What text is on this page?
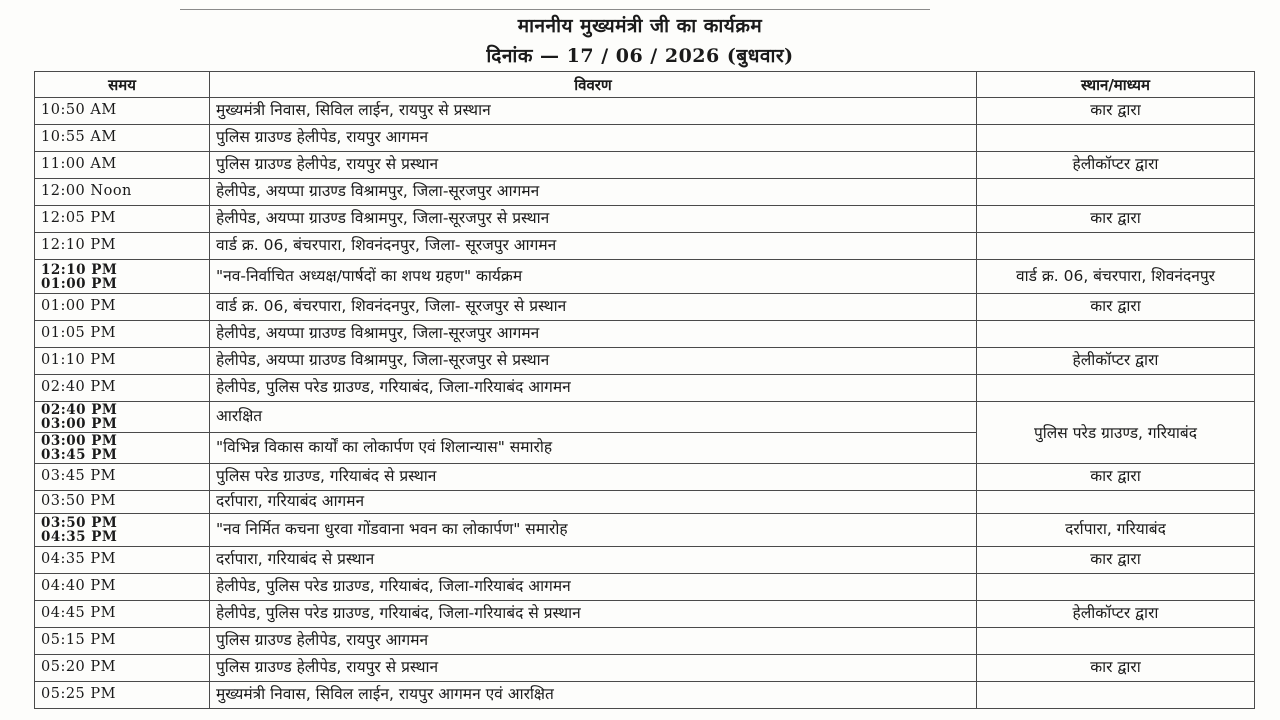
माननीय मुख्यमंत्री जी का कार्यक्रम
दिनांक — 17 / 06 / 2026 (बुधवार)
समय	विवरण	स्थान/माध्यम
10:50 AM	मुख्यमंत्री निवास, सिविल लाईन, रायपुर से प्रस्थान	कार द्वारा
10:55 AM	पुलिस ग्राउण्ड हेलीपेड, रायपुर आगमन	
11:00 AM	पुलिस ग्राउण्ड हेलीपेड, रायपुर से प्रस्थान	हेलीकॉप्टर द्वारा
12:00 Noon	हेलीपेड, अयप्पा ग्राउण्ड विश्रामपुर, जिला-सूरजपुर आगमन	
12:05 PM	हेलीपेड, अयप्पा ग्राउण्ड विश्रामपुर, जिला-सूरजपुर से प्रस्थान	कार द्वारा
12:10 PM	वार्ड क्र. 06, बंचरपारा, शिवनंदनपुर, जिला- सूरजपुर आगमन	

12:10 PM
01:00 PM	"नव-निर्वाचित अध्यक्ष/पार्षदों का शपथ ग्रहण" कार्यक्रम	वार्ड क्र. 06, बंचरपारा, शिवनंदनपुर
01:00 PM	वार्ड क्र. 06, बंचरपारा, शिवनंदनपुर, जिला- सूरजपुर से प्रस्थान	कार द्वारा
01:05 PM	हेलीपेड, अयप्पा ग्राउण्ड विश्रामपुर, जिला-सूरजपुर आगमन	
01:10 PM	हेलीपेड, अयप्पा ग्राउण्ड विश्रामपुर, जिला-सूरजपुर से प्रस्थान	हेलीकॉप्टर द्वारा
02:40 PM	हेलीपेड, पुलिस परेड ग्राउण्ड, गरियाबंद, जिला-गरियाबंद आगमन	

02:40 PM
03:00 PM	आरक्षित	पुलिस परेड ग्राउण्ड, गरियाबंद

03:00 PM
03:45 PM	"विभिन्न विकास कार्यों का लोकार्पण एवं शिलान्यास" समारोह	
03:45 PM	पुलिस परेड ग्राउण्ड, गरियाबंद से प्रस्थान	कार द्वारा
03:50 PM	दर्रापारा, गरियाबंद आगमन	

03:50 PM
04:35 PM	"नव निर्मित कचना धुरवा गोंडवाना भवन का लोकार्पण" समारोह	दर्रापारा, गरियाबंद
04:35 PM	दर्रापारा, गरियाबंद से प्रस्थान	कार द्वारा
04:40 PM	हेलीपेड, पुलिस परेड ग्राउण्ड, गरियाबंद, जिला-गरियाबंद आगमन	
04:45 PM	हेलीपेड, पुलिस परेड ग्राउण्ड, गरियाबंद, जिला-गरियाबंद से प्रस्थान	हेलीकॉप्टर द्वारा
05:15 PM	पुलिस ग्राउण्ड हेलीपेड, रायपुर आगमन	
05:20 PM	पुलिस ग्राउण्ड हेलीपेड, रायपुर से प्रस्थान	कार द्वारा
05:25 PM	मुख्यमंत्री निवास, सिविल लाईन, रायपुर आगमन एवं आरक्षित	
